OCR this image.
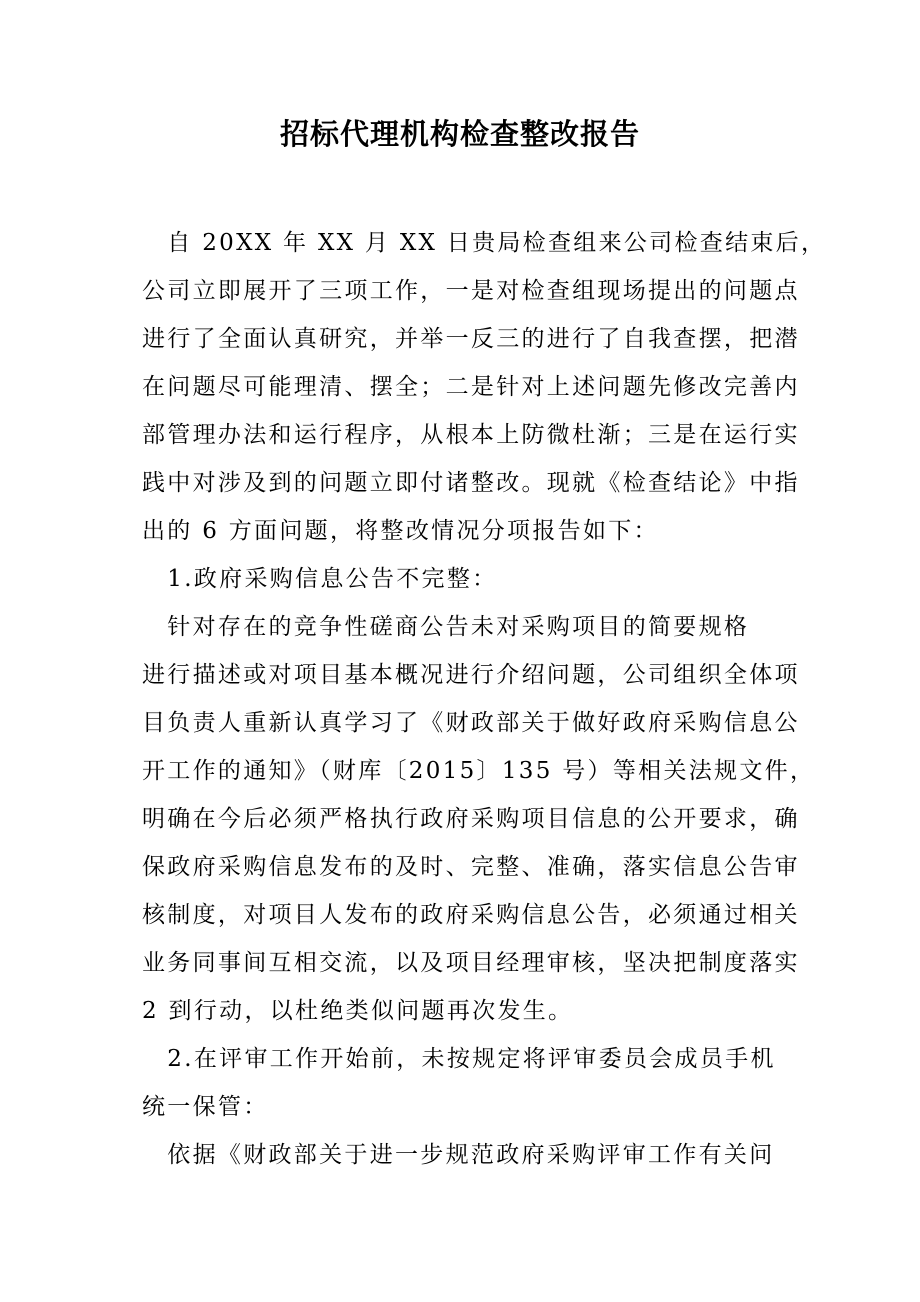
招标代理机构检查整改报告
　自 20XX 年 XX 月 XX 日贵局检查组来公司检查结束后，
公司立即展开了三项工作，一是对检查组现场提出的问题点
进行了全面认真研究，并举一反三的进行了自我查摆，把潜
在问题尽可能理清、摆全；二是针对上述问题先修改完善内
部管理办法和运行程序，从根本上防微杜渐；三是在运行实
践中对涉及到的问题立即付诸整改。现就《检查结论》中指
出的 6 方面问题，将整改情况分项报告如下：
　1.政府采购信息公告不完整：
　针对存在的竞争性磋商公告未对采购项目的简要规格
进行描述或对项目基本概况进行介绍问题，公司组织全体项
目负责人重新认真学习了《财政部关于做好政府采购信息公
开工作的通知》（财库〔2015〕135 号）等相关法规文件，
明确在今后必须严格执行政府采购项目信息的公开要求，确
保政府采购信息发布的及时、完整、准确，落实信息公告审
核制度，对项目人发布的政府采购信息公告，必须通过相关
业务同事间互相交流，以及项目经理审核，坚决把制度落实
2 到行动，以杜绝类似问题再次发生。
　2.在评审工作开始前，未按规定将评审委员会成员手机
统一保管：
　依据《财政部关于进一步规范政府采购评审工作有关问
